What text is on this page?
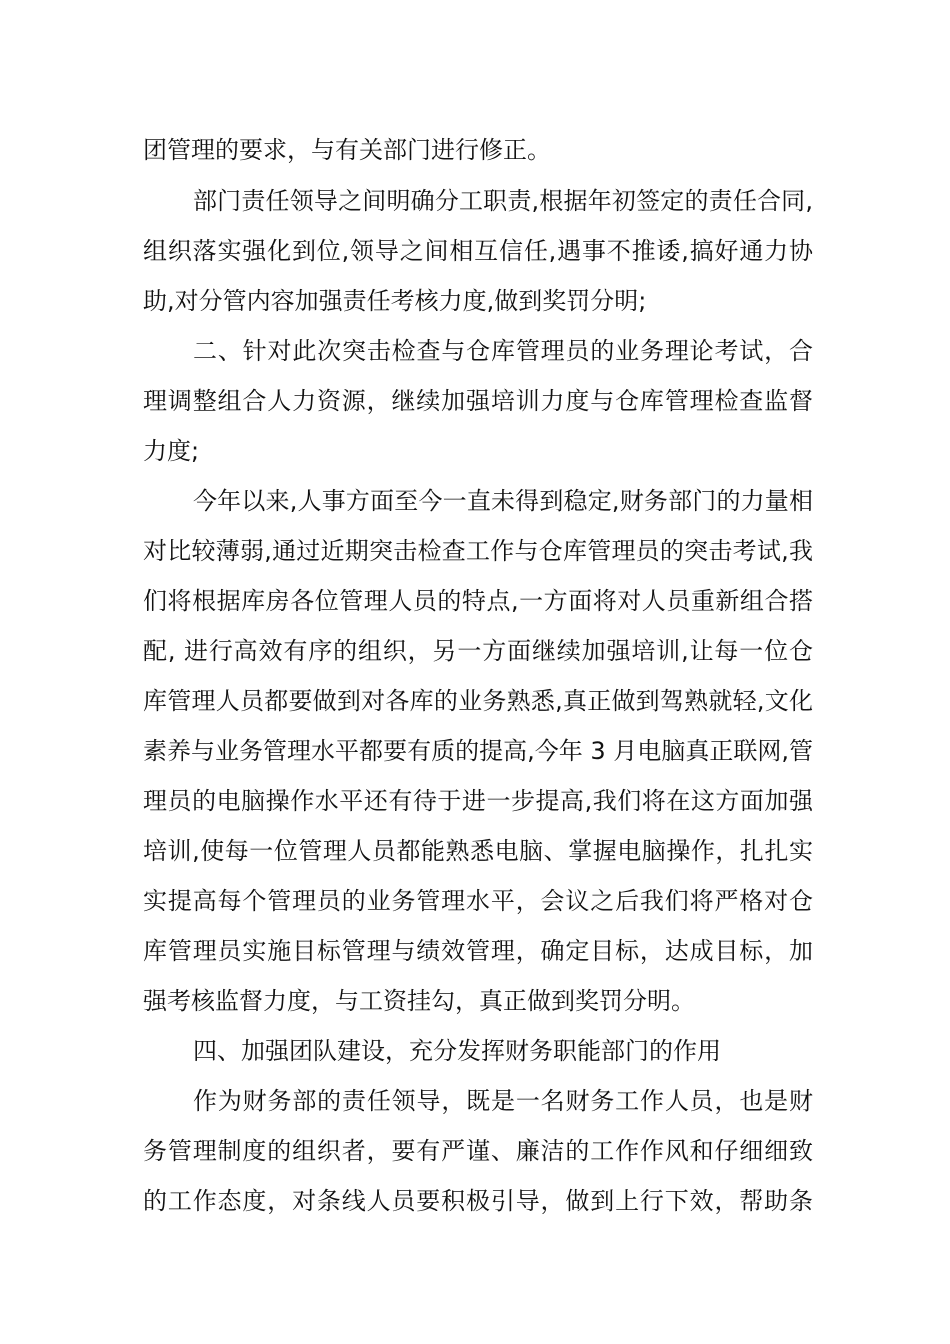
团管理的要求，与有关部门进行修正。
部门责任领导之间明确分工职责,根据年初签定的责任合同,
组织落实强化到位,领导之间相互信任,遇事不推诿,搞好通力协
助,对分管内容加强责任考核力度,做到奖罚分明;
二、针对此次突击检查与仓库管理员的业务理论考试，合
理调整组合人力资源，继续加强培训力度与仓库管理检查监督
力度;
今年以来,人事方面至今一直未得到稳定,财务部门的力量相
对比较薄弱,通过近期突击检查工作与仓库管理员的突击考试,我
们将根据库房各位管理人员的特点,一方面将对人员重新组合搭
配, 进行高效有序的组织，另一方面继续加强培训,让每一位仓
库管理人员都要做到对各库的业务熟悉,真正做到驾熟就轻,文化
素养与业务管理水平都要有质的提高,今年 3 月电脑真正联网,管
理员的电脑操作水平还有待于进一步提高,我们将在这方面加强
培训,使每一位管理人员都能熟悉电脑、掌握电脑操作，扎扎实
实提高每个管理员的业务管理水平，会议之后我们将严格对仓
库管理员实施目标管理与绩效管理，确定目标，达成目标，加
强考核监督力度，与工资挂勾，真正做到奖罚分明。
四、加强团队建设，充分发挥财务职能部门的作用
作为财务部的责任领导，既是一名财务工作人员，也是财
务管理制度的组织者，要有严谨、廉洁的工作作风和仔细细致
的工作态度，对条线人员要积极引导，做到上行下效，帮助条
